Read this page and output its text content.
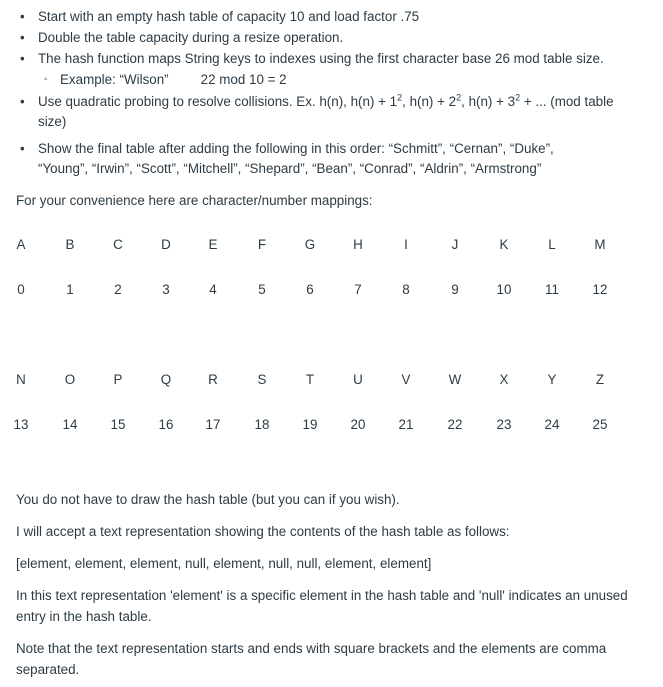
• Start with an empty hash table of capacity 10 and load factor .75
• Double the table capacity during a resize operation.
• The hash function maps String keys to indexes using the first character base 26 mod table size.
◦ Example: “Wilson” 22 mod 10 = 2
• Use quadratic probing to resolve collisions. Ex. h(n), $h(n) + 1^2$, $h(n) + 2^2$, $h(n) + 3^2$ + ... (mod table
size)
• Show the final table after adding the following in this order: “Schmitt”, “Cernan”, “Duke”,
“Young”, “Irwin”, “Scott”, “Mitchell”, “Shepard”, “Bean”, “Conrad”, “Aldrin”, “Armstrong”
For your convenience here are character/number mappings:
A	B	C	D	E	F	G	H	I	J	K	L	M
0	1	2	3	4	5	6	7	8	9	10	11	12
N	O	P	Q	R	S	T	U	V	W	X	Y	Z
13	14	15	16	17	18	19	20	21	22	23	24	25
You do not have to draw the hash table (but you can if you wish).
I will accept a text representation showing the contents of the hash table as follows:
[element, element, element, null, element, null, null, element, element]
In this text representation 'element' is a specific element in the hash table and 'null' indicates an unused entry in the hash table.
Note that the text representation starts and ends with square brackets and the elements are comma separated.
